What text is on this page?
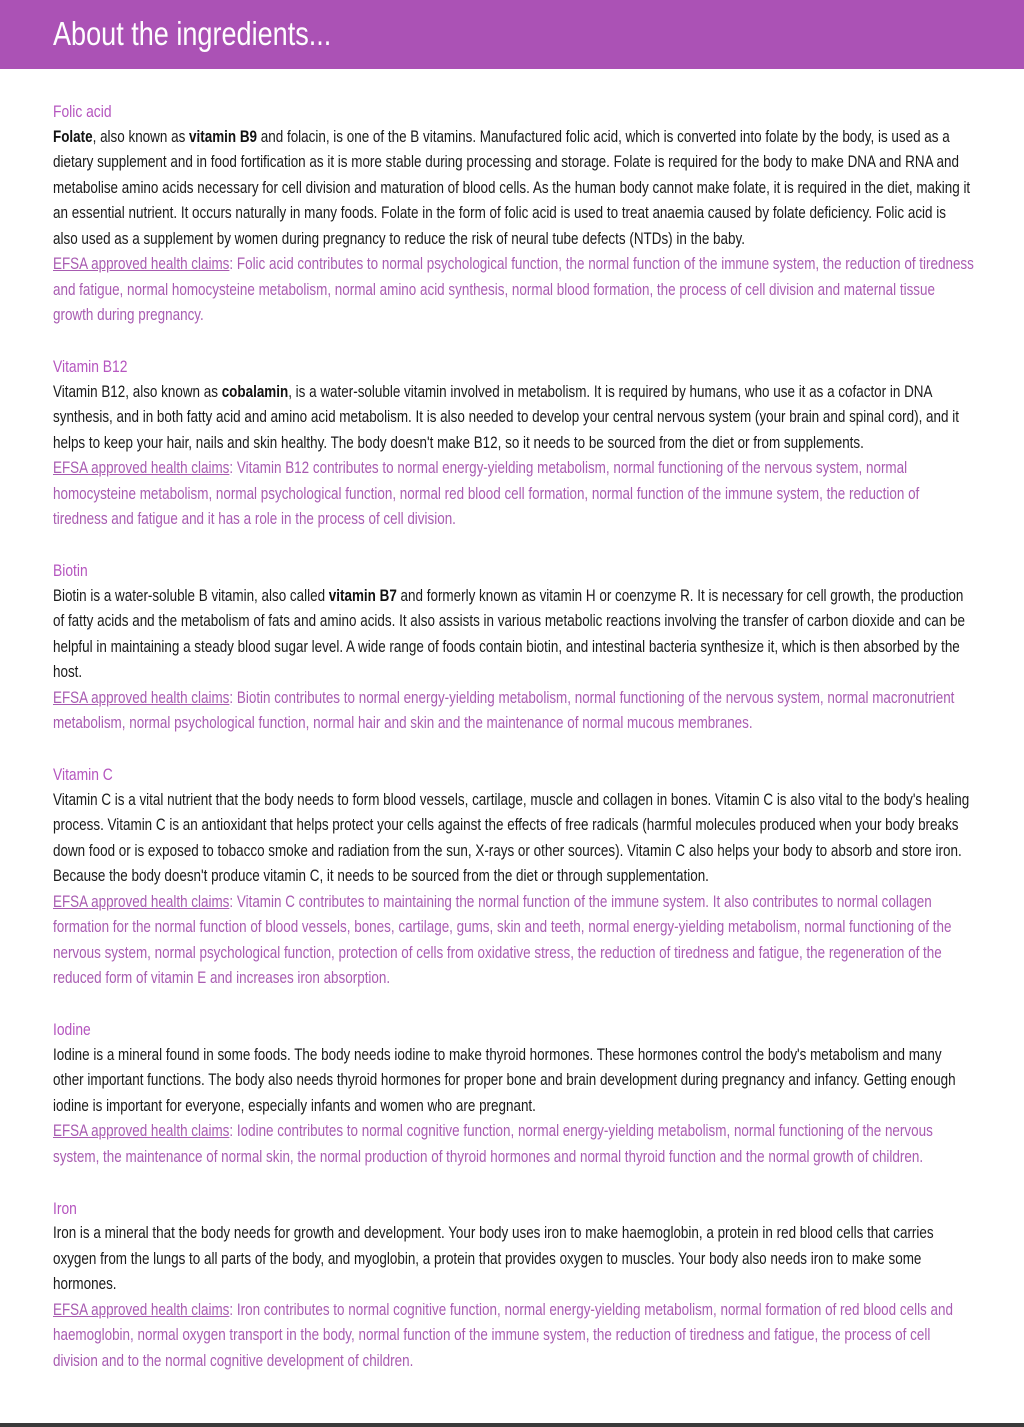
About the ingredients...

Folic acid

Folate, also known as vitamin B9 and folacin, is one of the B vitamins. Manufactured folic acid, which is converted into folate by the body, is used as a dietary supplement and in food fortification as it is more stable during processing and storage. Folate is required for the body to make DNA and RNA and metabolise amino acids necessary for cell division and maturation of blood cells. As the human body cannot make folate, it is required in the diet, making it an essential nutrient. It occurs naturally in many foods. Folate in the form of folic acid is used to treat anaemia caused by folate deficiency. Folic acid is also used as a supplement by women during pregnancy to reduce the risk of neural tube defects (NTDs) in the baby.

EFSA approved health claims: Folic acid contributes to normal psychological function, the normal function of the immune system, the reduction of tiredness and fatigue, normal homocysteine metabolism, normal amino acid synthesis, normal blood formation, the process of cell division and maternal tissue growth during pregnancy.

Vitamin B12

Vitamin B12, also known as cobalamin, is a water-soluble vitamin involved in metabolism. It is required by humans, who use it as a cofactor in DNA synthesis, and in both fatty acid and amino acid metabolism. It is also needed to develop your central nervous system (your brain and spinal cord), and it helps to keep your hair, nails and skin healthy. The body doesn't make B12, so it needs to be sourced from the diet or from supplements.

EFSA approved health claims: Vitamin B12 contributes to normal energy-yielding metabolism, normal functioning of the nervous system, normal homocysteine metabolism, normal psychological function, normal red blood cell formation, normal function of the immune system, the reduction of tiredness and fatigue and it has a role in the process of cell division.

Biotin

Biotin is a water-soluble B vitamin, also called vitamin B7 and formerly known as vitamin H or coenzyme R. It is necessary for cell growth, the production of fatty acids and the metabolism of fats and amino acids. It also assists in various metabolic reactions involving the transfer of carbon dioxide and can be helpful in maintaining a steady blood sugar level. A wide range of foods contain biotin, and intestinal bacteria synthesize it, which is then absorbed by the host.

EFSA approved health claims: Biotin contributes to normal energy-yielding metabolism, normal functioning of the nervous system, normal macronutrient metabolism, normal psychological function, normal hair and skin and the maintenance of normal mucous membranes.

Vitamin C

Vitamin C is a vital nutrient that the body needs to form blood vessels, cartilage, muscle and collagen in bones. Vitamin C is also vital to the body's healing process. Vitamin C is an antioxidant that helps protect your cells against the effects of free radicals (harmful molecules produced when your body breaks down food or is exposed to tobacco smoke and radiation from the sun, X-rays or other sources). Vitamin C also helps your body to absorb and store iron. Because the body doesn't produce vitamin C, it needs to be sourced from the diet or through supplementation.

EFSA approved health claims: Vitamin C contributes to maintaining the normal function of the immune system. It also contributes to normal collagen formation for the normal function of blood vessels, bones, cartilage, gums, skin and teeth, normal energy-yielding metabolism, normal functioning of the nervous system, normal psychological function, protection of cells from oxidative stress, the reduction of tiredness and fatigue, the regeneration of the reduced form of vitamin E and increases iron absorption.

Iodine

Iodine is a mineral found in some foods. The body needs iodine to make thyroid hormones. These hormones control the body's metabolism and many other important functions. The body also needs thyroid hormones for proper bone and brain development during pregnancy and infancy. Getting enough iodine is important for everyone, especially infants and women who are pregnant.

EFSA approved health claims: Iodine contributes to normal cognitive function, normal energy-yielding metabolism, normal functioning of the nervous system, the maintenance of normal skin, the normal production of thyroid hormones and normal thyroid function and the normal growth of children.

Iron

Iron is a mineral that the body needs for growth and development. Your body uses iron to make haemoglobin, a protein in red blood cells that carries oxygen from the lungs to all parts of the body, and myoglobin, a protein that provides oxygen to muscles. Your body also needs iron to make some hormones.

EFSA approved health claims: Iron contributes to normal cognitive function, normal energy-yielding metabolism, normal formation of red blood cells and haemoglobin, normal oxygen transport in the body, normal function of the immune system, the reduction of tiredness and fatigue, the process of cell division and to the normal cognitive development of children.
